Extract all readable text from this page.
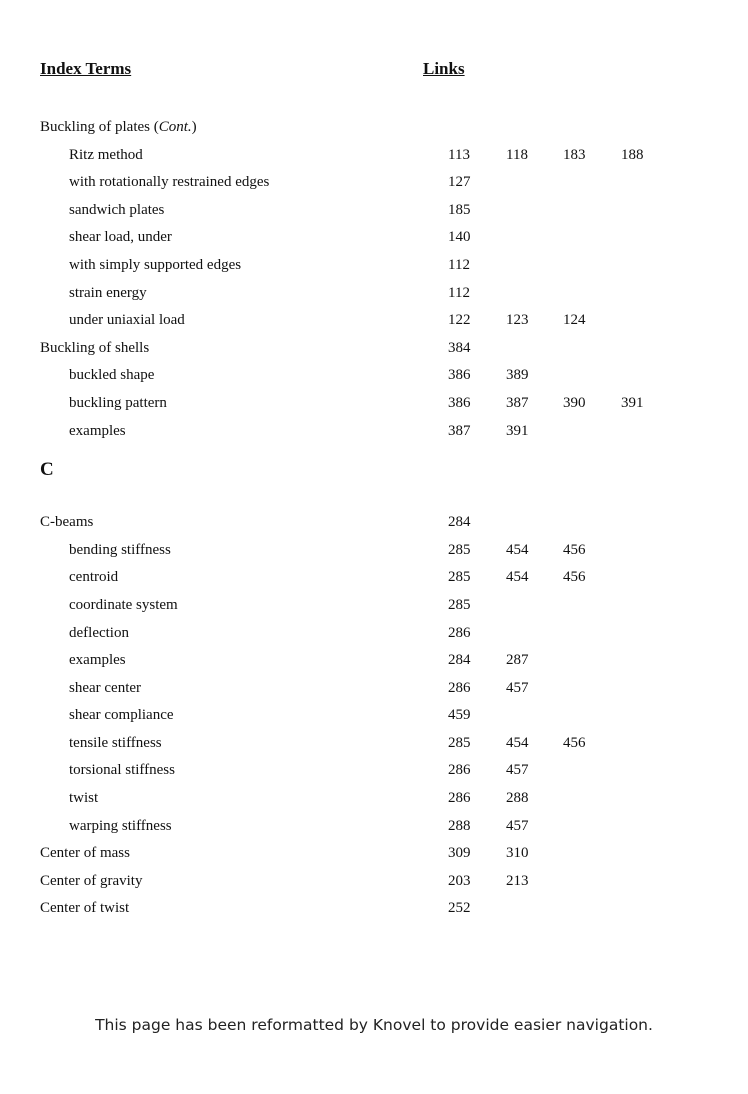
Index Terms	Links
Buckling of plates (Cont.)
Ritz method	113	118	183	188
with rotationally restrained edges	127
sandwich plates	185
shear load, under	140
with simply supported edges	112
strain energy	112
under uniaxial load	122	123	124
Buckling of shells	384
buckled shape	386	389
buckling pattern	386	387	390	391
examples	387	391
C
C-beams	284
bending stiffness	285	454	456
centroid	285	454	456
coordinate system	285
deflection	286
examples	284	287
shear center	286	457
shear compliance	459
tensile stiffness	285	454	456
torsional stiffness	286	457
twist	286	288
warping stiffness	288	457
Center of mass	309	310
Center of gravity	203	213
Center of twist	252
This page has been reformatted by Knovel to provide easier navigation.
